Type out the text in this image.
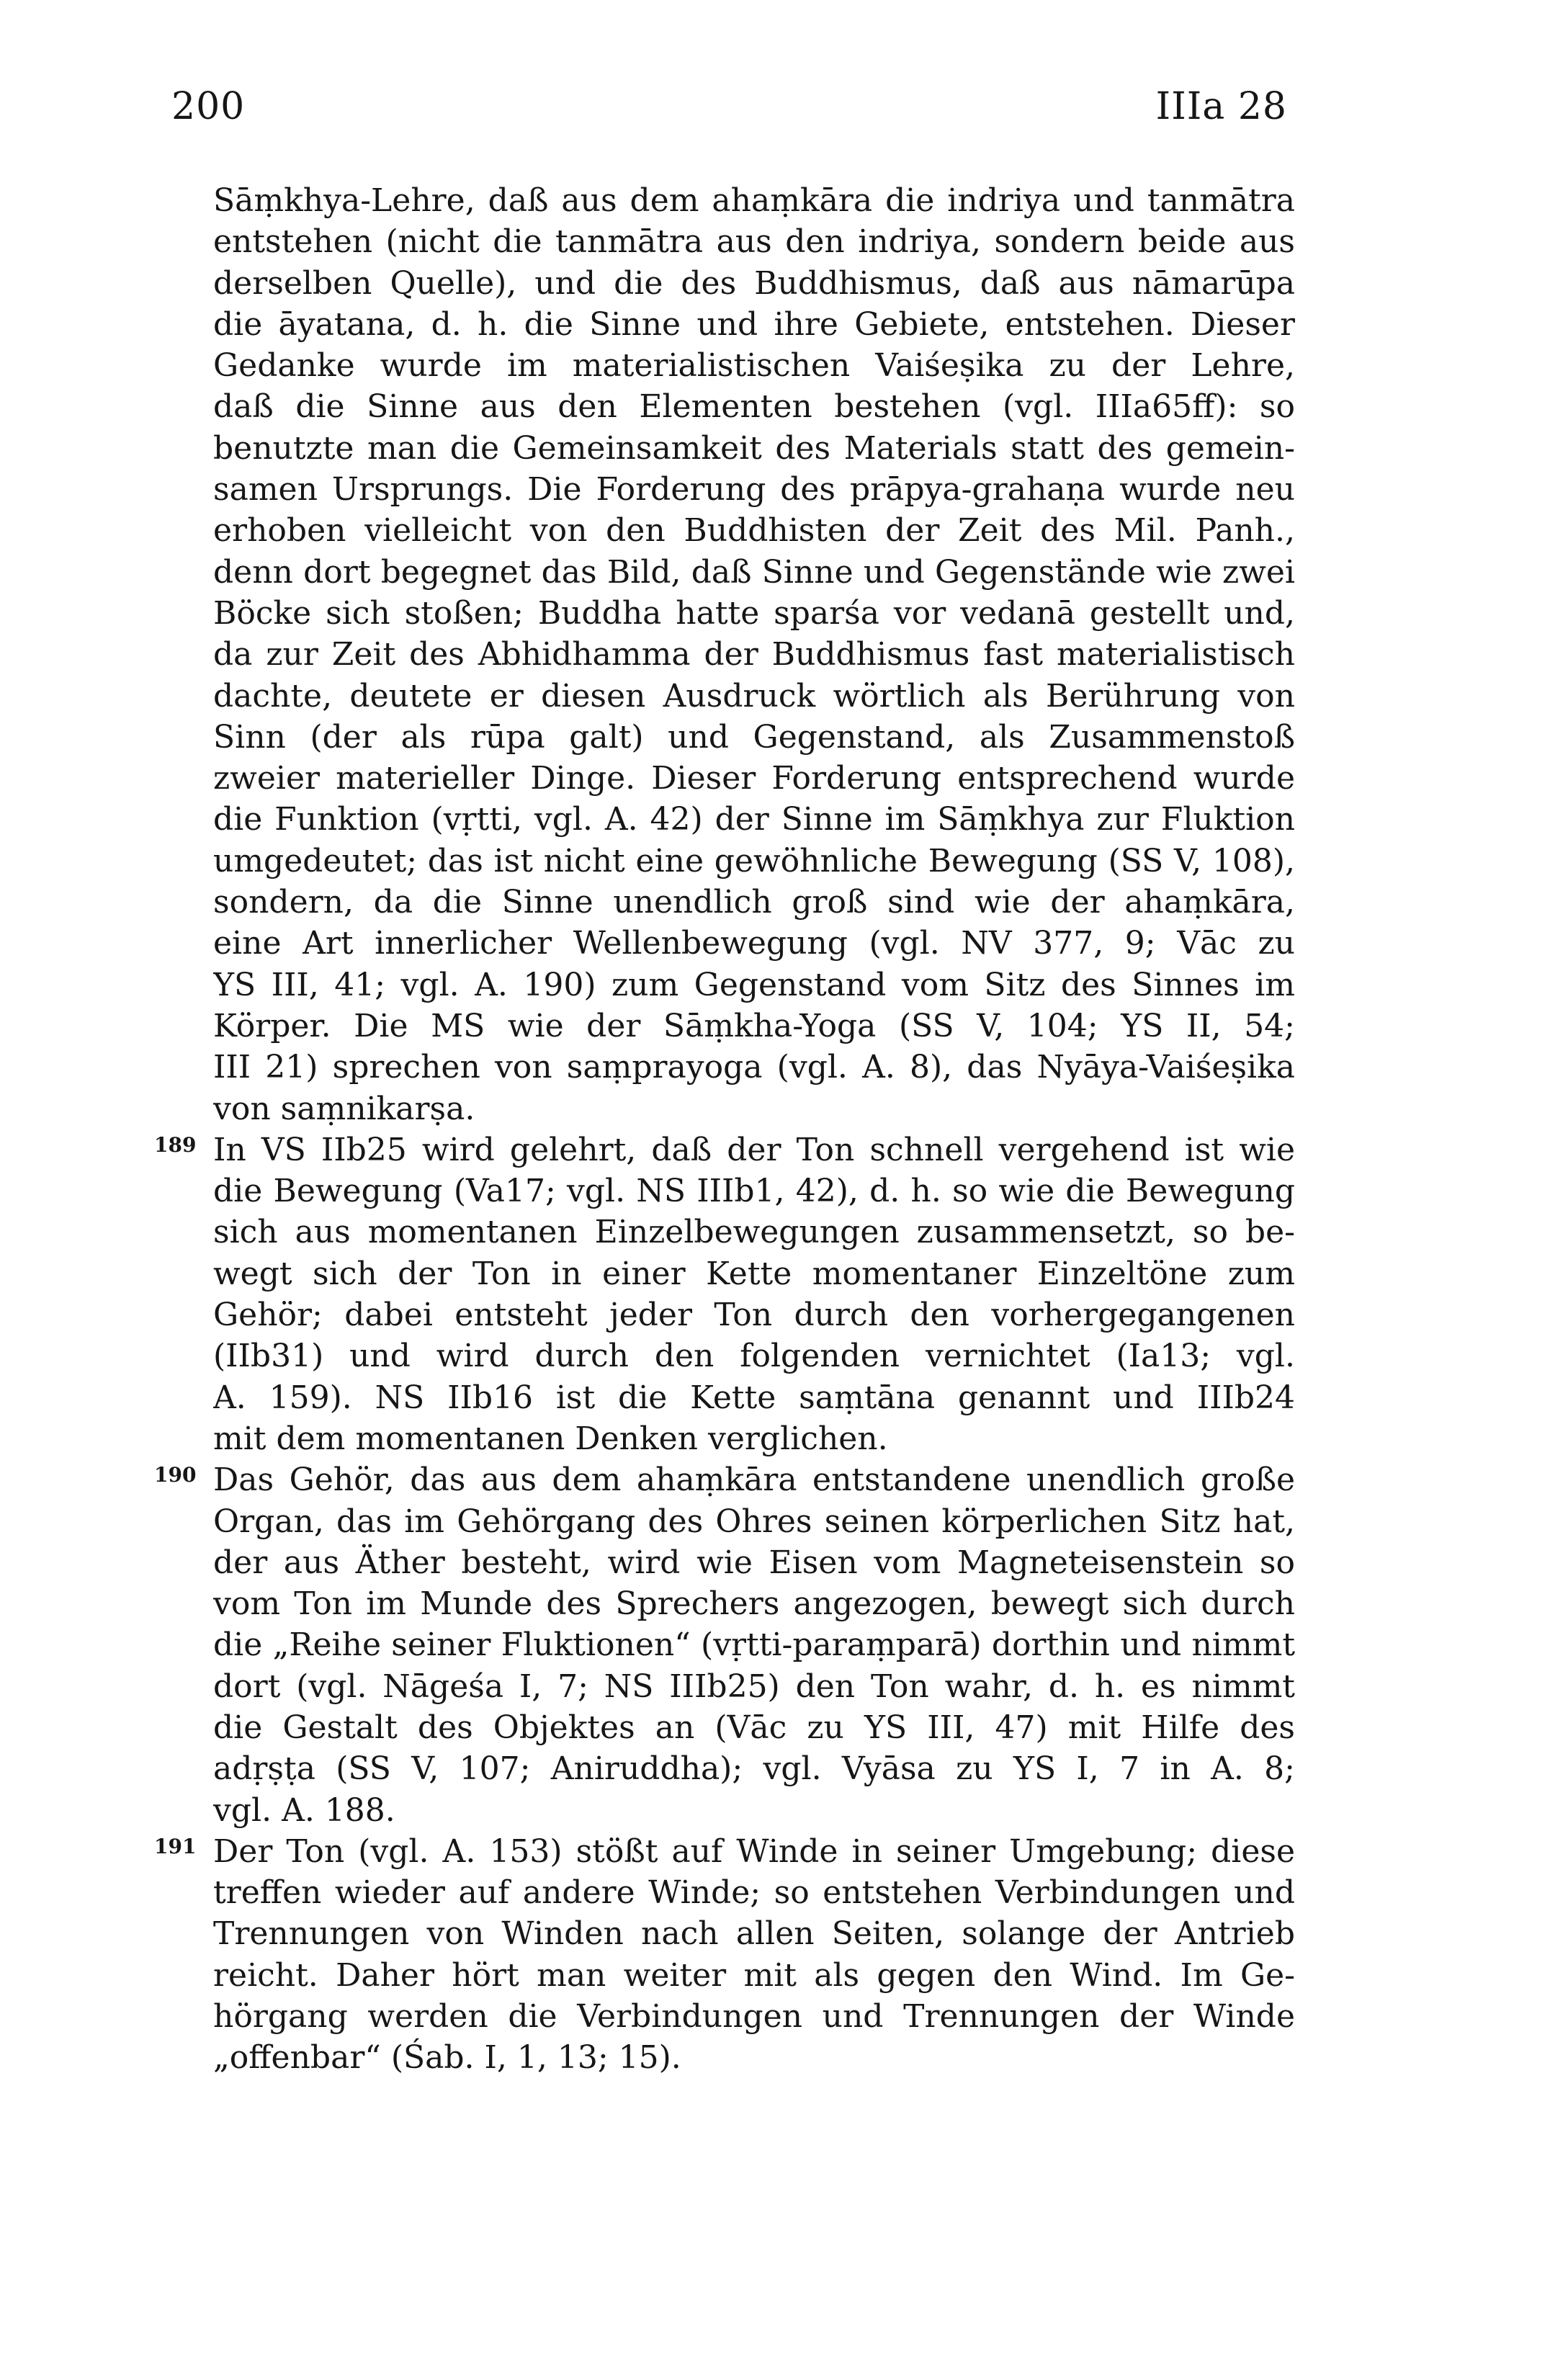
200	IIIa 28
Sāṃkhya-Lehre, daß aus dem ahaṃkāra die indriya und tanmātra
entstehen (nicht die tanmātra aus den indriya, sondern beide aus
derselben Quelle), und die des Buddhismus, daß aus nāmarūpa
die āyatana, d. h. die Sinne und ihre Gebiete, entstehen. Dieser
Gedanke wurde im materialistischen Vaiśeṣika zu der Lehre,
daß die Sinne aus den Elementen bestehen (vgl. IIIa65ff): so
benutzte man die Gemeinsamkeit des Materials statt des gemein-
samen Ursprungs. Die Forderung des prāpya-grahaṇa wurde neu
erhoben vielleicht von den Buddhisten der Zeit des Mil. Panh.,
denn dort begegnet das Bild, daß Sinne und Gegenstände wie zwei
Böcke sich stoßen; Buddha hatte sparśa vor vedanā gestellt und,
da zur Zeit des Abhidhamma der Buddhismus fast materialistisch
dachte, deutete er diesen Ausdruck wörtlich als Berührung von
Sinn (der als rūpa galt) und Gegenstand, als Zusammenstoß
zweier materieller Dinge. Dieser Forderung entsprechend wurde
die Funktion (vṛtti, vgl. A. 42) der Sinne im Sāṃkhya zur Fluktion
umgedeutet; das ist nicht eine gewöhnliche Bewegung (SS V, 108),
sondern, da die Sinne unendlich groß sind wie der ahaṃkāra,
eine Art innerlicher Wellenbewegung (vgl. NV 377, 9; Vāc zu
YS III, 41; vgl. A. 190) zum Gegenstand vom Sitz des Sinnes im
Körper. Die MS wie der Sāṃkha-Yoga (SS V, 104; YS II, 54;
III 21) sprechen von saṃprayoga (vgl. A. 8), das Nyāya-Vaiśeṣika
von saṃnikarṣa.
189 In VS IIb25 wird gelehrt, daß der Ton schnell vergehend ist wie
die Bewegung (Va17; vgl. NS IIIb1, 42), d. h. so wie die Bewegung
sich aus momentanen Einzelbewegungen zusammensetzt, so be-
wegt sich der Ton in einer Kette momentaner Einzeltöne zum
Gehör; dabei entsteht jeder Ton durch den vorhergegangenen
(IIb31) und wird durch den folgenden vernichtet (Ia13; vgl.
A. 159). NS IIb16 ist die Kette saṃtāna genannt und IIIb24
mit dem momentanen Denken verglichen.
190 Das Gehör, das aus dem ahaṃkāra entstandene unendlich große
Organ, das im Gehörgang des Ohres seinen körperlichen Sitz hat,
der aus Äther besteht, wird wie Eisen vom Magneteisenstein so
vom Ton im Munde des Sprechers angezogen, bewegt sich durch
die „Reihe seiner Fluktionen“ (vṛtti-paraṃparā) dorthin und nimmt
dort (vgl. Nāgeśa I, 7; NS IIIb25) den Ton wahr, d. h. es nimmt
die Gestalt des Objektes an (Vāc zu YS III, 47) mit Hilfe des
adṛṣṭa (SS V, 107; Aniruddha); vgl. Vyāsa zu YS I, 7 in A. 8;
vgl. A. 188.
191 Der Ton (vgl. A. 153) stößt auf Winde in seiner Umgebung; diese
treffen wieder auf andere Winde; so entstehen Verbindungen und
Trennungen von Winden nach allen Seiten, solange der Antrieb
reicht. Daher hört man weiter mit als gegen den Wind. Im Ge-
hörgang werden die Verbindungen und Trennungen der Winde
„offenbar“ (Śab. I, 1, 13; 15).
